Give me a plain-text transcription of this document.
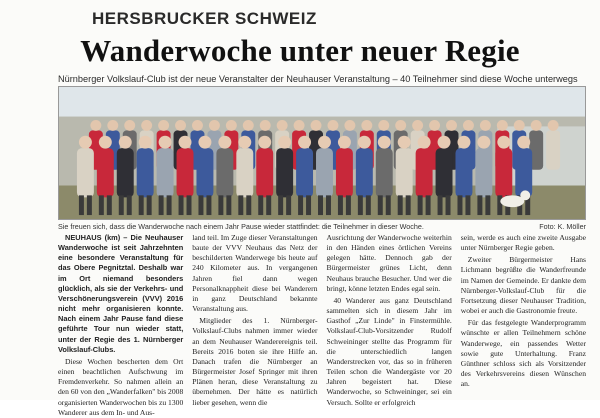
HERSBRUCKER SCHWEIZ
Wanderwoche unter neuer Regie
Nürnberger Volkslauf-Club ist der neue Veranstalter der Neuhauser Veranstaltung – 40 Teilnehmer sind diese Woche unterwegs
Sie freuen sich, dass die Wanderwoche nach einem Jahr Pause wieder stattfindet: die Teilnehmer in dieser Woche.	Foto: K. Möller

NEUHAUS (km) – Die Neuhauser Wanderwoche ist seit Jahrzehnten eine besondere Veranstaltung für das Obere Pegnitztal. Deshalb war im Ort niemand besonders glücklich, als sie der Verkehrs- und Verschönerungsverein (VVV) 2016 nicht mehr organisieren konnte. Nach einem Jahr Pause fand diese geführte Tour nun wieder statt, unter der Regie des 1. Nürnberger Volkslauf-Clubs.

Diese Wochen bescherten dem Ort einen beachtlichen Aufschwung im Fremdenverkehr. So nahmen allein an den 60 von den „Wanderfalken" bis 2008 organisierten Wanderwochen bis zu 1300 Wanderer aus dem In- und Aus-

land teil. Im Zuge dieser Veranstaltungen baute der VVV Neuhaus das Netz der beschilderten Wanderwege bis heute auf 240 Kilometer aus. In vergangenen Jahren fiel dann wegen Personalknappheit diese bei Wanderern in ganz Deutschland bekannte Veranstaltung aus.

Mitglieder des 1. Nürnberger-Volkslauf-Clubs nahmen immer wieder an dem Neuhauser Wanderereignis teil. Bereits 2016 boten sie ihre Hilfe an. Danach trafen die Nürnberger an Bürgermeister Josef Springer mit ihren Plänen heran, diese Veranstaltung zu übernehmen. Der hätte es natürlich lieber gesehen, wenn die

Ausrichtung der Wanderwoche weiterhin in den Händen eines örtlichen Vereins gelegen hätte. Dennoch gab der Bürgermeister grünes Licht, denn Neuhaus brauche Besucher. Und wer die bringt, könne letzten Endes egal sein.

40 Wanderer aus ganz Deutschland sammelten sich in diesem Jahr im Gasthof „Zur Linde" in Finstermühle. Volkslauf-Club-Vorsitzender Rudolf Schweininger stellte das Programm für die unterschiedlich langen Wanderstrecken vor, das so in früheren Teilen schon die Wandergäste vor 20 Jahren begeistert hat. Diese Wanderwoche, so Schweininger, sei ein Versuch. Sollte er erfolgreich

sein, werde es auch eine zweite Ausgabe unter Nürnberger Regie geben.

Zweiter Bürgermeister Hans Lichmann begrüßte die Wanderfreunde im Namen der Gemeinde. Er dankte dem Nürnberger-Volkslauf-Club für die Fortsetzung dieser Neuhauser Tradition, wobei er auch die Gastronomie freute.

Für das festgelegte Wanderprogramm wünschte er allen Teilnehmern schöne Wanderwege, ein passendes Wetter sowie gute Unterhaltung. Franz Günthner schloss sich als Vorsitzender des Verkehrsvereins diesen Wünschen an.
